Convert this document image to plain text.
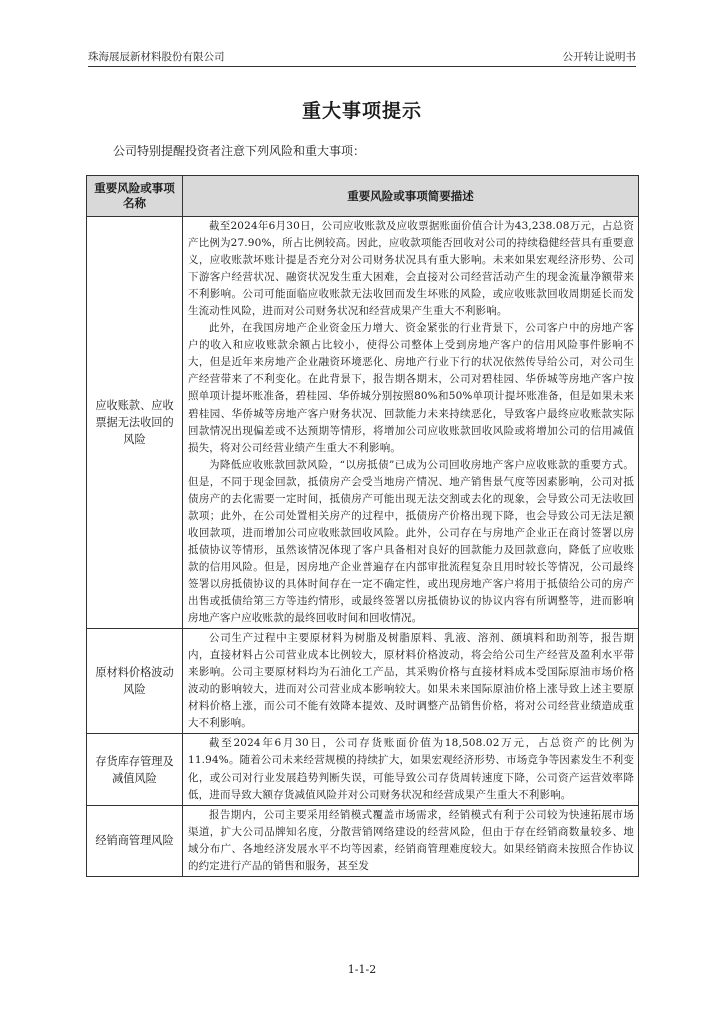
珠海展辰新材料股份有限公司	公开转让说明书
重大事项提示
公司特别提醒投资者注意下列风险和重大事项：
重要风险或事项名称	重要风险或事项简要描述
应收账款、应收票据无法收回的风险	截至2024年6月30日，公司应收账款及应收票据账面价值合计为43,238.08万元，占总资产比例为27.90%，所占比例较高。因此，应收款项能否回收对公司的持续稳健经营具有重要意义，应收账款坏账计提是否充分对公司财务状况具有重大影响。未来如果宏观经济形势、公司下游客户经营状况、融资状况发生重大困难，会直接对公司经营活动产生的现金流量净额带来不利影响。公司可能面临应收账款无法收回而发生坏账的风险，或应收账款回收周期延长而发生流动性风险，进而对公司财务状况和经营成果产生重大不利影响。

此外，在我国房地产企业资金压力增大、资金紧张的行业背景下，公司客户中的房地产客户的收入和应收账款余额占比较小，使得公司整体上受到房地产客户的信用风险事件影响不大，但是近年来房地产企业融资环境恶化、房地产行业下行的状况依然传导给公司，对公司生产经营带来了不利变化。在此背景下，报告期各期末，公司对碧桂园、华侨城等房地产客户按照单项计提坏账准备，碧桂园、华侨城分别按照80%和50%单项计提坏账准备，但是如果未来碧桂园、华侨城等房地产客户财务状况、回款能力未来持续恶化，导致客户最终应收账款实际回款情况出现偏差或不达预期等情形，将增加公司应收账款回收风险或将增加公司的信用减值损失，将对公司经营业绩产生重大不利影响。

为降低应收账款回款风险，“以房抵债”已成为公司回收房地产客户应收账款的重要方式。但是，不同于现金回款，抵债房产会受当地房产情况、地产销售景气度等因素影响，公司对抵债房产的去化需要一定时间，抵债房产可能出现无法交割或去化的现象，会导致公司无法收回款项；此外，在公司处置相关房产的过程中，抵债房产价格出现下降，也会导致公司无法足额收回款项，进而增加公司应收账款回收风险。此外，公司存在与房地产企业正在商讨签署以房抵债协议等情形，虽然该情况体现了客户具备相对良好的回款能力及回款意向，降低了应收账款的信用风险。但是，因房地产企业普遍存在内部审批流程复杂且用时较长等情况，公司最终签署以房抵债协议的具体时间存在一定不确定性，或出现房地产客户将用于抵债给公司的房产出售或抵债给第三方等违约情形，或最终签署以房抵债协议的协议内容有所调整等，进而影响房地产客户应收账款的最终回收时间和回收情况。

原材料价格波动风险	公司生产过程中主要原材料为树脂及树脂原料、乳液、溶剂、颜填料和助剂等，报告期内，直接材料占公司营业成本比例较大，原材料价格波动，将会给公司生产经营及盈利水平带来影响。公司主要原材料均为石油化工产品，其采购价格与直接材料成本受国际原油市场价格波动的影响较大，进而对公司营业成本影响较大。如果未来国际原油价格上涨导致上述主要原材料价格上涨，而公司不能有效降本提效、及时调整产品销售价格，将对公司经营业绩造成重大不利影响。

存货库存管理及减值风险	截至2024年6月30日，公司存货账面价值为18,508.02万元，占总资产的比例为11.94%。随着公司未来经营规模的持续扩大，如果宏观经济形势、市场竞争等因素发生不利变化，或公司对行业发展趋势判断失误，可能导致公司存货周转速度下降，公司资产运营效率降低，进而导致大额存货减值风险并对公司财务状况和经营成果产生重大不利影响。

经销商管理风险	报告期内，公司主要采用经销模式覆盖市场需求，经销模式有利于公司较为快速拓展市场渠道，扩大公司品牌知名度，分散营销网络建设的经营风险，但由于存在经销商数量较多、地域分布广、各地经济发展水平不均等因素，经销商管理难度较大。如果经销商未按照合作协议的约定进行产品的销售和服务，甚至发

1-1-2
